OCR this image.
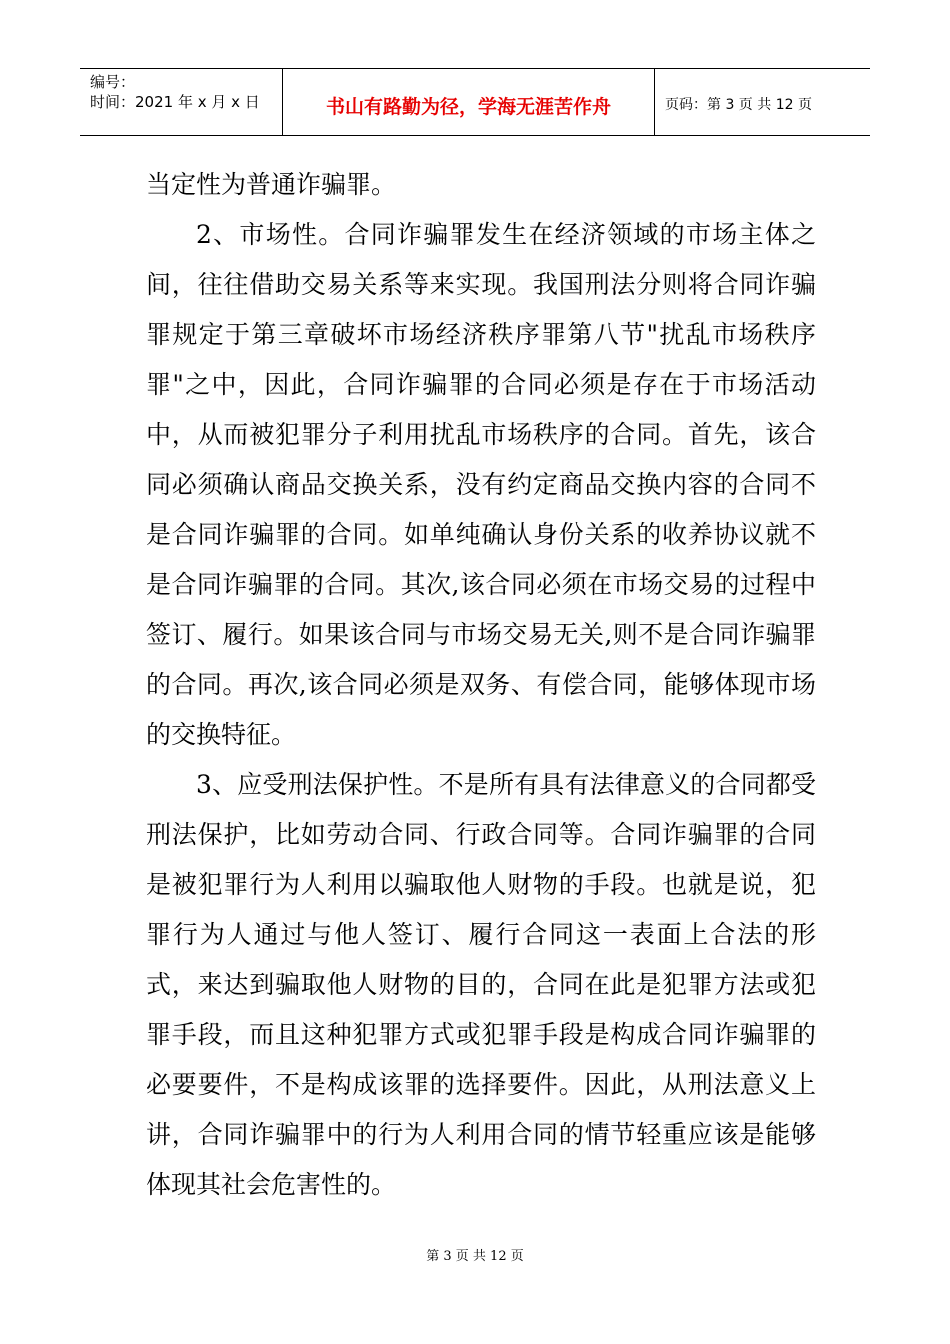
编号：
时间：2021 年 x 月 x 日	书山有路勤为径，学海无涯苦作舟	页码：第 3 页 共 12 页

当定性为普通诈骗罪。

2、市场性。合同诈骗罪发生在经济领域的市场主体之间，往往借助交易关系等来实现。我国刑法分则将合同诈骗罪规定于第三章破坏市场经济秩序罪第八节"扰乱市场秩序罪"之中，因此，合同诈骗罪的合同必须是存在于市场活动中，从而被犯罪分子利用扰乱市场秩序的合同。首先，该合同必须确认商品交换关系，没有约定商品交换内容的合同不是合同诈骗罪的合同。如单纯确认身份关系的收养协议就不是合同诈骗罪的合同。其次,该合同必须在市场交易的过程中签订、履行。如果该合同与市场交易无关,则不是合同诈骗罪的合同。再次,该合同必须是双务、有偿合同，能够体现市场的交换特征。

3、应受刑法保护性。不是所有具有法律意义的合同都受刑法保护，比如劳动合同、行政合同等。合同诈骗罪的合同是被犯罪行为人利用以骗取他人财物的手段。也就是说，犯罪行为人通过与他人签订、履行合同这一表面上合法的形式，来达到骗取他人财物的目的，合同在此是犯罪方法或犯罪手段，而且这种犯罪方式或犯罪手段是构成合同诈骗罪的必要要件，不是构成该罪的选择要件。因此，从刑法意义上讲，合同诈骗罪中的行为人利用合同的情节轻重应该是能够体现其社会危害性的。

第 3 页 共 12 页
